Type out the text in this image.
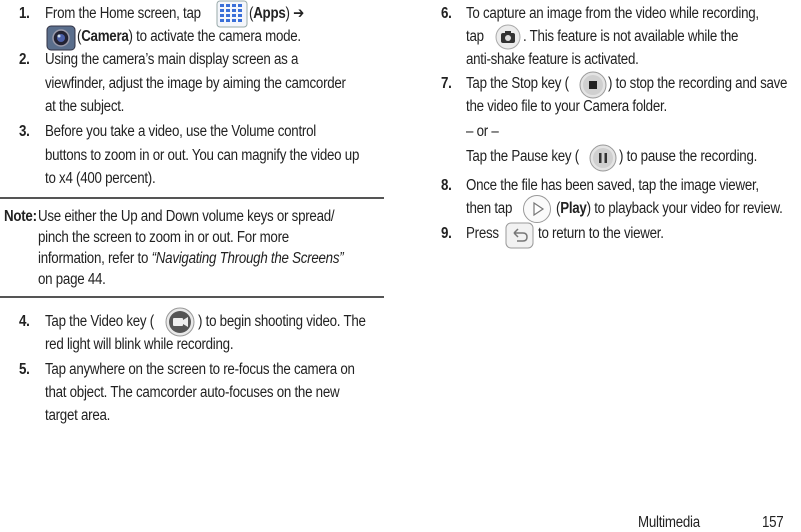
1. From the Home screen, tap	(Apps) ➔
(Camera) to activate the camera mode.
2. Using the camera’s main display screen as a
viewfinder, adjust the image by aiming the camcorder
at the subject.
3. Before you take a video, use the Volume control
buttons to zoom in or out. You can magnify the video up
to x4 (400 percent).
Note: Use either the Up and Down volume keys or spread/
pinch the screen to zoom in or out. For more
information, refer to “Navigating Through the Screens”
on page 44.
4. Tap the Video key (	) to begin shooting video. The
red light will blink while recording.
5. Tap anywhere on the screen to re-focus the camera on
that object. The camcorder auto-focuses on the new
target area.
6. To capture an image from the video while recording,
tap	. This feature is not available while the
anti-shake feature is activated.
7. Tap the Stop key (	) to stop the recording and save
the video file to your Camera folder.
– or –
Tap the Pause key (	) to pause the recording.
8. Once the file has been saved, tap the image viewer,
then tap	(Play) to playback your video for review.
9. Press	to return to the viewer.
Multimedia	157
